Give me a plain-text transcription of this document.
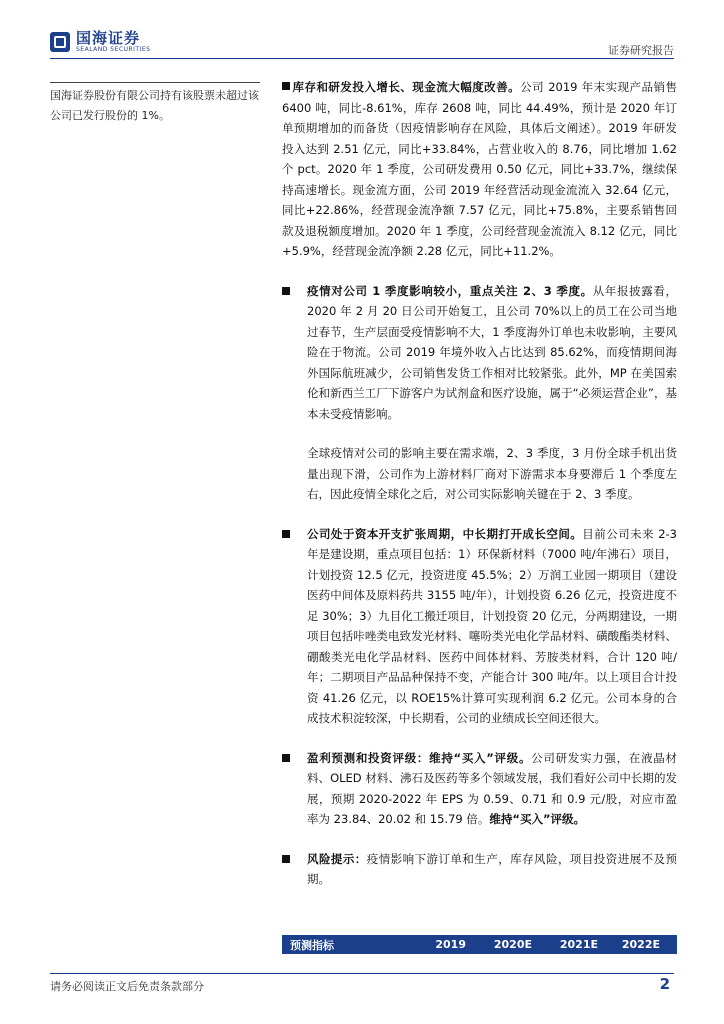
国海证券
SEALAND SECURITIES	证券研究报告
国海证券股份有限公司持有该股票未超过该公司已发行股份的 1%。

库存和研发投入增长、现金流大幅度改善。公司 2019 年末实现产品销售 6400 吨，同比-8.61%，库存 2608 吨，同比 44.49%，预计是 2020 年订单预期增加的而备货（因疫情影响存在风险，具体后文阐述）。2019 年研发投入达到 2.51 亿元，同比+33.84%，占营业收入的 8.76，同比增加 1.62 个 pct。2020 年 1 季度，公司研发费用 0.50 亿元，同比+33.7%，继续保持高速增长。现金流方面，公司 2019 年经营活动现金流流入 32.64 亿元，同比+22.86%，经营现金流净额 7.57 亿元，同比+75.8%，主要系销售回款及退税额度增加。2020 年 1 季度，公司经营现金流流入 8.12 亿元，同比+5.9%，经营现金流净额 2.28 亿元，同比+11.2%。

疫情对公司 1 季度影响较小，重点关注 2、3 季度。从年报披露看，2020 年 2 月 20 日公司开始复工，且公司 70%以上的员工在公司当地过春节，生产层面受疫情影响不大，1 季度海外订单也未收影响，主要风险在于物流。公司 2019 年境外收入占比达到 85.62%，而疫情期间海外国际航班减少，公司销售发货工作相对比较紧张。此外，MP 在美国索伦和新西兰工厂下游客户为试剂盒和医疗设施，属于“必须运营企业”，基本未受疫情影响。

全球疫情对公司的影响主要在需求端，2、3 季度，3 月份全球手机出货量出现下滑，公司作为上游材料厂商对下游需求本身要滞后 1 个季度左右，因此疫情全球化之后，对公司实际影响关键在于 2、3 季度。

公司处于资本开支扩张周期，中长期打开成长空间。目前公司未来 2-3 年是建设期，重点项目包括：1）环保新材料（7000 吨/年沸石）项目，计划投资 12.5 亿元，投资进度 45.5%；2）万润工业园一期项目（建设医药中间体及原料药共 3155 吨/年），计划投资 6.26 亿元，投资进度不足 30%；3）九目化工搬迁项目，计划投资 20 亿元，分两期建设，一期项目包括咔唑类电致发光材料、噻吩类光电化学品材料、磺酸酯类材料、硼酸类光电化学品材料、医药中间体材料、芳胺类材料，合计 120 吨/年；二期项目产品品种保持不变，产能合计 300 吨/年。以上项目合计投资 41.26 亿元，以 ROE15%计算可实现利润 6.2 亿元。公司本身的合成技术积淀较深，中长期看，公司的业绩成长空间还很大。

盈利预测和投资评级：维持“买入”评级。公司研发实力强，在液晶材料、OLED 材料、沸石及医药等多个领域发展，我们看好公司中长期的发展，预期 2020-2022 年 EPS 为 0.59、0.71 和 0.9 元/股，对应市盈率为 23.84、20.02 和 15.79 倍。维持“买入”评级。

风险提示：疫情影响下游订单和生产，库存风险，项目投资进展不及预期。

预测指标	2019	2020E	2021E	2022E
请务必阅读正文后免责条款部分	2
